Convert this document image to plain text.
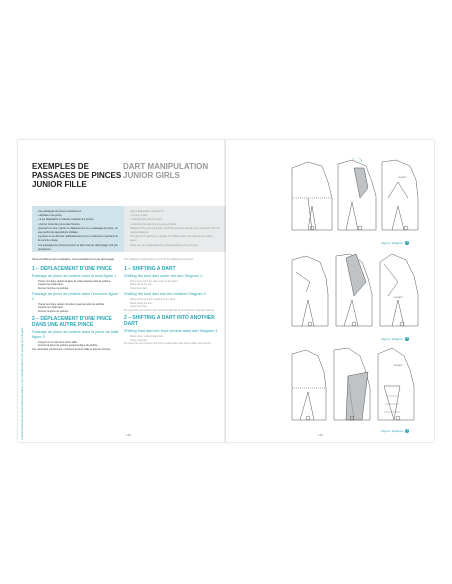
Transformations du haut enfant & cadets | Top transformations for young boys & girls
EXEMPLES DE PASSAGES DE PINCES JUNIOR FILLE
DART MANIPULATION JUNIOR GIRLS
Ces passages de pinces consistent à :
• déplacer une pince,
• à les disparaître en faisant coulisser les pinces,
• fourrer toute des pli ou des fronces.
Quel qu'il en soit, opérer un déplacement ou un passage de pince, ne pas perdre les appositions initiales.
La pince ne se déroule habituellement pour un vêtement important ou ils sont de coupe.
Les passages de pinces peuvent se faire soit par découpage, soit par pivotement.
Dart manipulation consists of:
• moving a dart,
• changing the size of a dart,
• including the slot of a grouping of darts.
Whatever the use of the dart, the final outcome should stay consistent with the original balance.
The dart for 1 garment is regular, the fabric under the back of the cutting seam.
Darts can be manipulated by cutting/slashing or by pivoting.
Nous simplifions notre explication, nous procéderons ici par découpage.
1 – DÉPLACEMENT D'UNE PINCE
Passage de pince de poitrine sous le bras figure 1
Tracez une ligne depuis la ligne de côté jusqu'au point de poitrine.
Coupez sur cette ligne.
Fermez la pince de poitrine.
Passage de pince de poitrine dans l'encolure figure 2
Tracez une ligne depuis l'encolure jusqu'au point de poitrine.
Coupez sur cette ligne.
Fermez la pince de poitrine.
2 – DÉPLACEMENT D'UNE PINCE DANS UNE AUTRE PINCE
Passage de pince de poitrine dans la pince de taille figure 3
Coupez sur le trait de la pince taille.
Fermez la pince de poitrine jusqu'à la ligne de poitrine.
Ces retouches conviennent, renforcez la pince-taille et plus les fronces.
The slashing method will be used for the following examples.
1 – SHIFTING A DART
Shifting the bust dart under the arm Diagram 1
Draw a line from the side seam to the apex.
Slash along the line.
Close bust dart.
Shifting the bust dart into the neckline Diagram 2
Draw a line from the neckline to the apex.
Slash along the line.
Close bust dart.
By using this new method, the bust dart fold has to be closed in a fan-like manner.
2 – SHIFTING A DART INTO ANOTHER DART
Shifting bust dart into front vertical waist dart Diagram 3
Slash down vertical waist dart.
Close bust dart.
By using this new method, the front vertical waist dart will be wider than before.
128
DEVANT
Figure / Diagram 1
DEVANT
Figure / Diagram 2
DEVANT
Figure / Diagram 3
129
